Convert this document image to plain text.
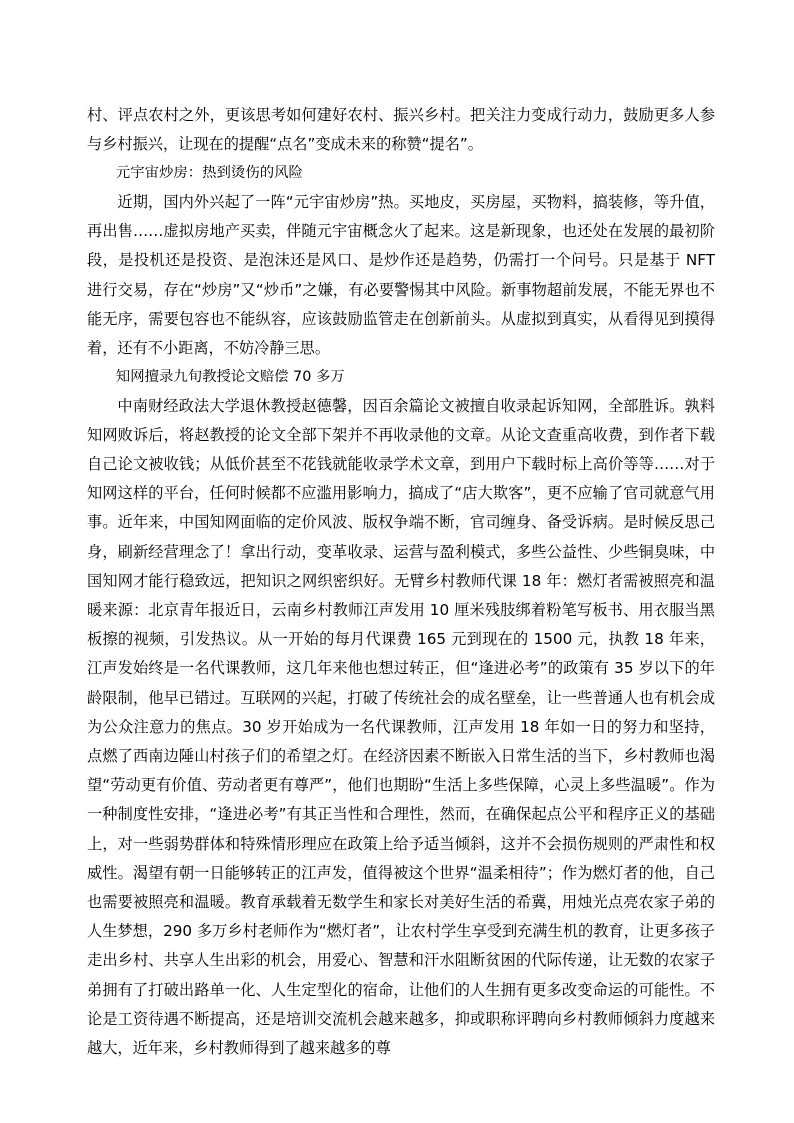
村、评点农村之外，更该思考如何建好农村、振兴乡村。把关注力变成行动力，鼓励更多人参与乡村振兴，让现在的提醒“点名”变成未来的称赞“提名”。

元宇宙炒房：热到烫伤的风险

近期，国内外兴起了一阵“元宇宙炒房”热。买地皮，买房屋，买物料，搞装修，等升值，再出售……虚拟房地产买卖，伴随元宇宙概念火了起来。这是新现象，也还处在发展的最初阶段，是投机还是投资、是泡沫还是风口、是炒作还是趋势，仍需打一个问号。只是基于 NFT 进行交易，存在“炒房”又“炒币”之嫌，有必要警惕其中风险。新事物超前发展，不能无界也不能无序，需要包容也不能纵容，应该鼓励监管走在创新前头。从虚拟到真实，从看得见到摸得着，还有不小距离，不妨冷静三思。

知网擅录九旬教授论文赔偿 70 多万

中南财经政法大学退休教授赵德馨，因百余篇论文被擅自收录起诉知网，全部胜诉。孰料知网败诉后，将赵教授的论文全部下架并不再收录他的文章。从论文查重高收费，到作者下载自己论文被收钱；从低价甚至不花钱就能收录学术文章，到用户下载时标上高价等等……对于知网这样的平台，任何时候都不应滥用影响力，搞成了“店大欺客”，更不应输了官司就意气用事。近年来，中国知网面临的定价风波、版权争端不断，官司缠身、备受诉病。是时候反思己身，刷新经营理念了！拿出行动，变革收录、运营与盈利模式，多些公益性、少些铜臭味，中国知网才能行稳致远，把知识之网织密织好。无臂乡村教师代课 18 年：燃灯者需被照亮和温暖来源：北京青年报近日，云南乡村教师江声发用 10 厘米残肢绑着粉笔写板书、用衣服当黑板擦的视频，引发热议。从一开始的每月代课费 165 元到现在的 1500 元，执教 18 年来，江声发始终是一名代课教师，这几年来他也想过转正，但“逢进必考”的政策有 35 岁以下的年龄限制，他早已错过。互联网的兴起，打破了传统社会的成名壁垒，让一些普通人也有机会成为公众注意力的焦点。30 岁开始成为一名代课教师，江声发用 18 年如一日的努力和坚持，点燃了西南边陲山村孩子们的希望之灯。在经济因素不断嵌入日常生活的当下，乡村教师也渴望“劳动更有价值、劳动者更有尊严”，他们也期盼“生活上多些保障，心灵上多些温暖”。作为一种制度性安排，“逢进必考”有其正当性和合理性，然而，在确保起点公平和程序正义的基础上，对一些弱势群体和特殊情形理应在政策上给予适当倾斜，这并不会损伤规则的严肃性和权威性。渴望有朝一日能够转正的江声发，值得被这个世界“温柔相待”；作为燃灯者的他，自己也需要被照亮和温暖。教育承载着无数学生和家长对美好生活的希冀，用烛光点亮农家子弟的人生梦想，290 多万乡村老师作为“燃灯者”，让农村学生享受到充满生机的教育，让更多孩子走出乡村、共享人生出彩的机会，用爱心、智慧和汗水阻断贫困的代际传递，让无数的农家子弟拥有了打破出路单一化、人生定型化的宿命，让他们的人生拥有更多改变命运的可能性。不论是工资待遇不断提高，还是培训交流机会越来越多，抑或职称评聘向乡村教师倾斜力度越来越大，近年来，乡村教师得到了越来越多的尊
